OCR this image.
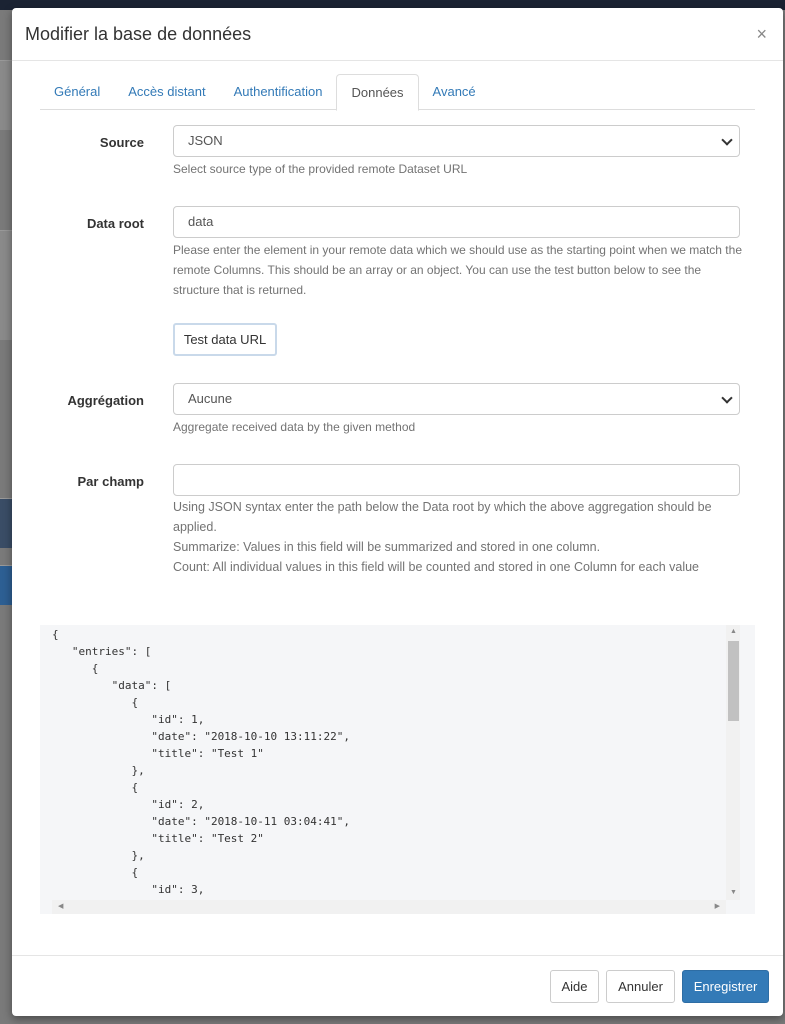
Modifier la base de données	×
Général	Accès distant	Authentification	Données	Avancé
Source	JSON
Select source type of the provided remote Dataset URL
Data root	data
Please enter the element in your remote data which we should use as the starting point when we match the remote Columns. This should be an array or an object. You can use the test button below to see the structure that is returned.
Test data URL
Aggrégation	Aucune
Aggregate received data by the given method
Par champ
Using JSON syntax enter the path below the Data root by which the above aggregation should be applied.
Summarize: Values in this field will be summarized and stored in one column.
Count: All individual values in this field will be counted and stored in one Column for each value
{
"entries": [
{
"data": [
{
"id": 1,
"date": "2018-10-10 13:11:22",
"title": "Test 1"
},
{
"id": 2,
"date": "2018-10-11 03:04:41",
"title": "Test 2"
},
{
"id": 3,
▲
▼
◀	▶
Aide	Annuler	Enregistrer
